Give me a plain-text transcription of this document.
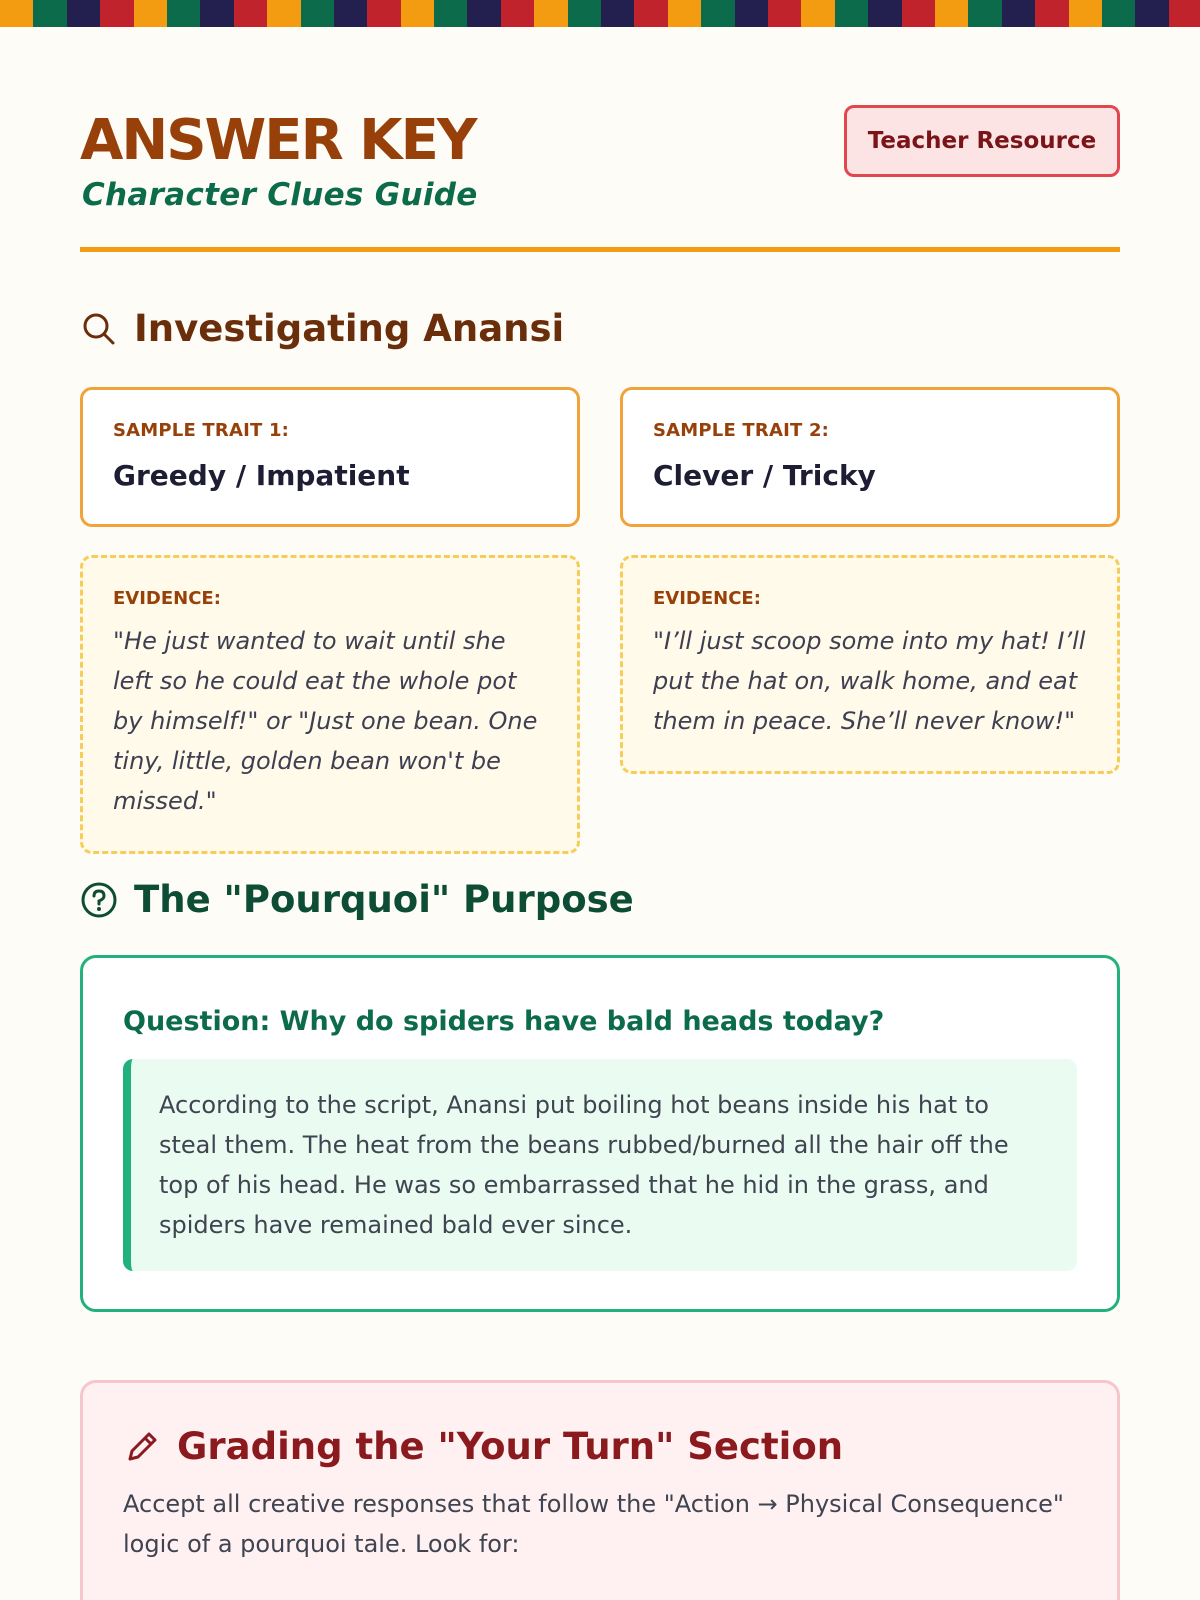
ANSWER KEY
Character Clues Guide
Teacher Resource
Investigating Anansi
SAMPLE TRAIT 1:
Greedy / Impatient
SAMPLE TRAIT 2:
Clever / Tricky
EVIDENCE:
"He just wanted to wait until she left so he could eat the whole pot by himself!" or "Just one bean. One tiny, little, golden bean won't be missed."
EVIDENCE:
"I’ll just scoop some into my hat! I’ll put the hat on, walk home, and eat them in peace. She’ll never know!"
The "Pourquoi" Purpose
Question: Why do spiders have bald heads today?
According to the script, Anansi put boiling hot beans inside his hat to steal them. The heat from the beans rubbed/burned all the hair off the top of his head. He was so embarrassed that he hid in the grass, and spiders have remained bald ever since.
Grading the "Your Turn" Section
Accept all creative responses that follow the "Action → Physical Consequence" logic of a pourquoi tale. Look for:
